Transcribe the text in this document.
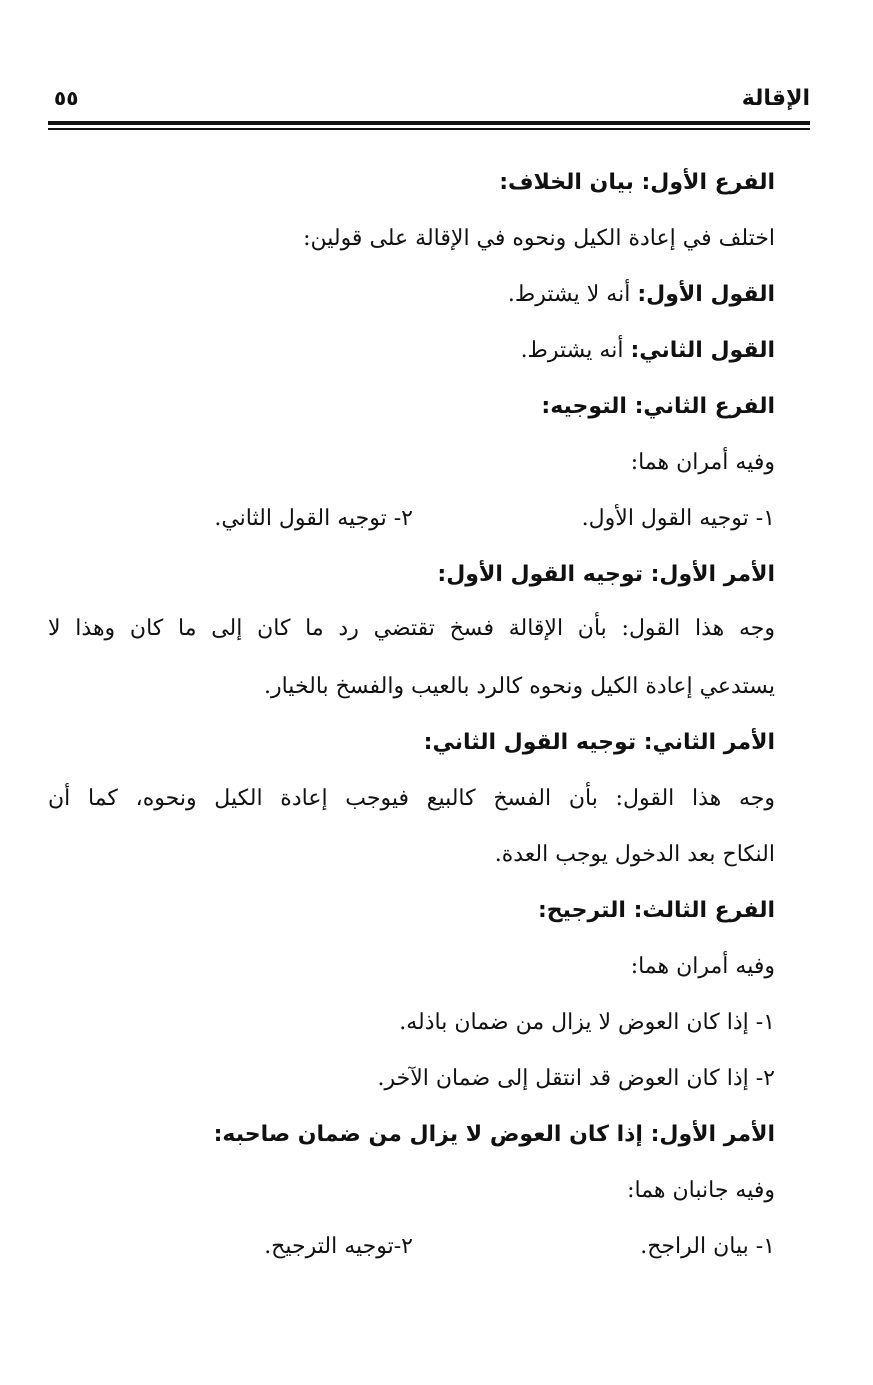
الإقالة
٥٥
الفرع الأول: بيان الخلاف:
اختلف في إعادة الكيل ونحوه في الإقالة على قولين:
القول الأول: أنه لا يشترط.
القول الثاني: أنه يشترط.
الفرع الثاني: التوجيه:
وفيه أمران هما:
١- توجيه القول الأول.
٢- توجيه القول الثاني.
الأمر الأول: توجيه القول الأول:
وجه هذا القول: بأن الإقالة فسخ تقتضي رد ما كان إلى ما كان وهذا لا
يستدعي إعادة الكيل ونحوه كالرد بالعيب والفسخ بالخيار.
الأمر الثاني: توجيه القول الثاني:
وجه هذا القول: بأن الفسخ كالبيع فيوجب إعادة الكيل ونحوه، كما أن
النكاح بعد الدخول يوجب العدة.
الفرع الثالث: الترجيح:
وفيه أمران هما:
١- إذا كان العوض لا يزال من ضمان باذله.
٢- إذا كان العوض قد انتقل إلى ضمان الآخر.
الأمر الأول: إذا كان العوض لا يزال من ضمان صاحبه:
وفيه جانبان هما:
١- بيان الراجح.
٢-توجيه الترجيح.
